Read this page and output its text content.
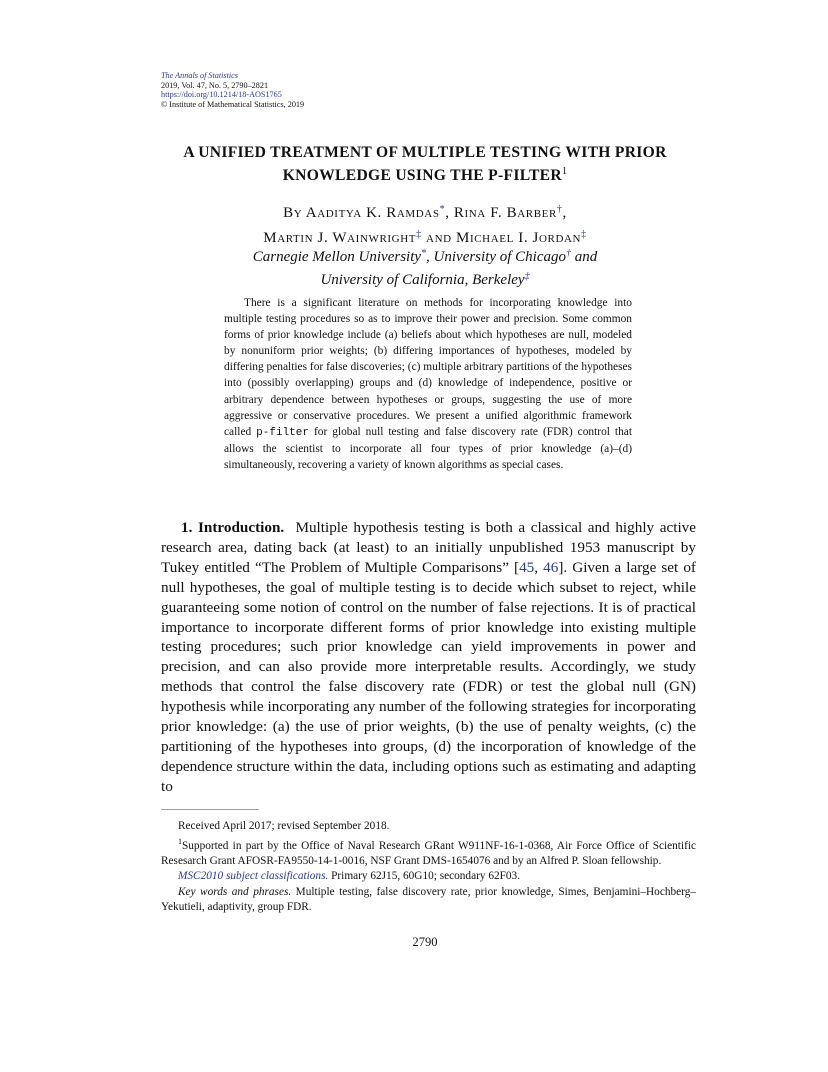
The Annals of Statistics
2019, Vol. 47, No. 5, 2790–2821
https://doi.org/10.1214/18-AOS1765
© Institute of Mathematical Statistics, 2019
A UNIFIED TREATMENT OF MULTIPLE TESTING WITH PRIOR
KNOWLEDGE USING THE P-FILTER$^1$
By Aaditya K. Ramdas*, Rina F. Barber†,
Martin J. Wainwright‡ and Michael I. Jordan‡
Carnegie Mellon University*, University of Chicago† and
University of California, Berkeley‡

There is a significant literature on methods for incorporating knowledge into multiple testing procedures so as to improve their power and precision. Some common forms of prior knowledge include (a) beliefs about which hypotheses are null, modeled by nonuniform prior weights; (b) differing importances of hypotheses, modeled by differing penalties for false discoveries; (c) multiple arbitrary partitions of the hypotheses into (possibly overlapping) groups and (d) knowledge of independence, positive or arbitrary dependence between hypotheses or groups, suggesting the use of more aggressive or conservative procedures. We present a unified algorithmic framework called p-filter for global null testing and false discovery rate (FDR) control that allows the scientist to incorporate all four types of prior knowledge (a)–(d) simultaneously, recovering a variety of known algorithms as special cases.

1. Introduction. Multiple hypothesis testing is both a classical and highly active research area, dating back (at least) to an initially unpublished 1953 manuscript by Tukey entitled “The Problem of Multiple Comparisons” [45, 46]. Given a large set of null hypotheses, the goal of multiple testing is to decide which subset to reject, while guaranteeing some notion of control on the number of false rejections. It is of practical importance to incorporate different forms of prior knowledge into existing multiple testing procedures; such prior knowledge can yield improvements in power and precision, and can also provide more interpretable results. Accordingly, we study methods that control the false discovery rate (FDR) or test the global null (GN) hypothesis while incorporating any number of the following strategies for incorporating prior knowledge: (a) the use of prior weights, (b) the use of penalty weights, (c) the partitioning of the hypotheses into groups, (d) the incorporation of knowledge of the dependence structure within the data, including options such as estimating and adapting to

Received April 2017; revised September 2018.

$^1$Supported in part by the Office of Naval Research GRant W911NF-16-1-0368, Air Force Office of Scientific Resesarch Grant AFOSR-FA9550-14-1-0016, NSF Grant DMS-1654076 and by an Alfred P. Sloan fellowship.

MSC2010 subject classifications. Primary 62J15, 60G10; secondary 62F03.

Key words and phrases. Multiple testing, false discovery rate, prior knowledge, Simes, Benjamini–Hochberg–Yekutieli, adaptivity, group FDR.

2790
